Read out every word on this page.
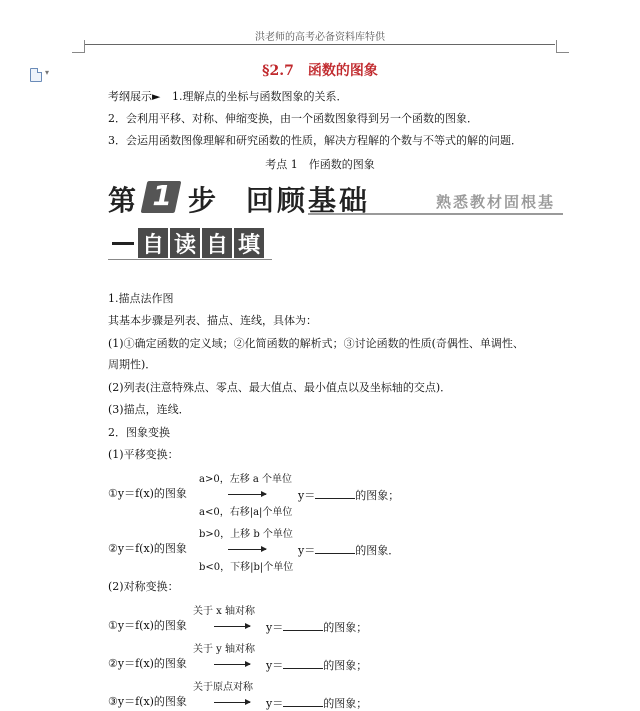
洪老师的高考必备资料库特供
▾	§2.7　函数的图象
考纲展示► 1.理解点的坐标与函数图象的关系．
2．会利用平移、对称、伸缩变换，由一个函数图象得到另一个函数的图象．
3．会运用函数图像理解和研究函数的性质，解决方程解的个数与不等式的解的问题．
考点 1　作函数的图象
第 1 步 回顾基础	熟悉教材固根基
自 读 自 填
1.描点法作图
其基本步骤是列表、描点、连线，具体为：
(1)①确定函数的定义域；②化简函数的解析式；③讨论函数的性质(奇偶性、单调性、
周期性)．
(2)列表(注意特殊点、零点、最大值点、最小值点以及坐标轴的交点)．
(3)描点，连线．
2．图象变换
(1)平移变换：
a>0，左移 a 个单位
①y＝f(x)的图象	y＝	的图象；
a<0，右移|a|个单位
b>0，上移 b 个单位
②y＝f(x)的图象	y＝	的图象．
b<0，下移|b|个单位
(2)对称变换：
关于 x 轴对称
①y＝f(x)的图象	y＝	的图象；
关于 y 轴对称
②y＝f(x)的图象	y＝	的图象；
关于原点对称
③y＝f(x)的图象	y＝	的图象；
